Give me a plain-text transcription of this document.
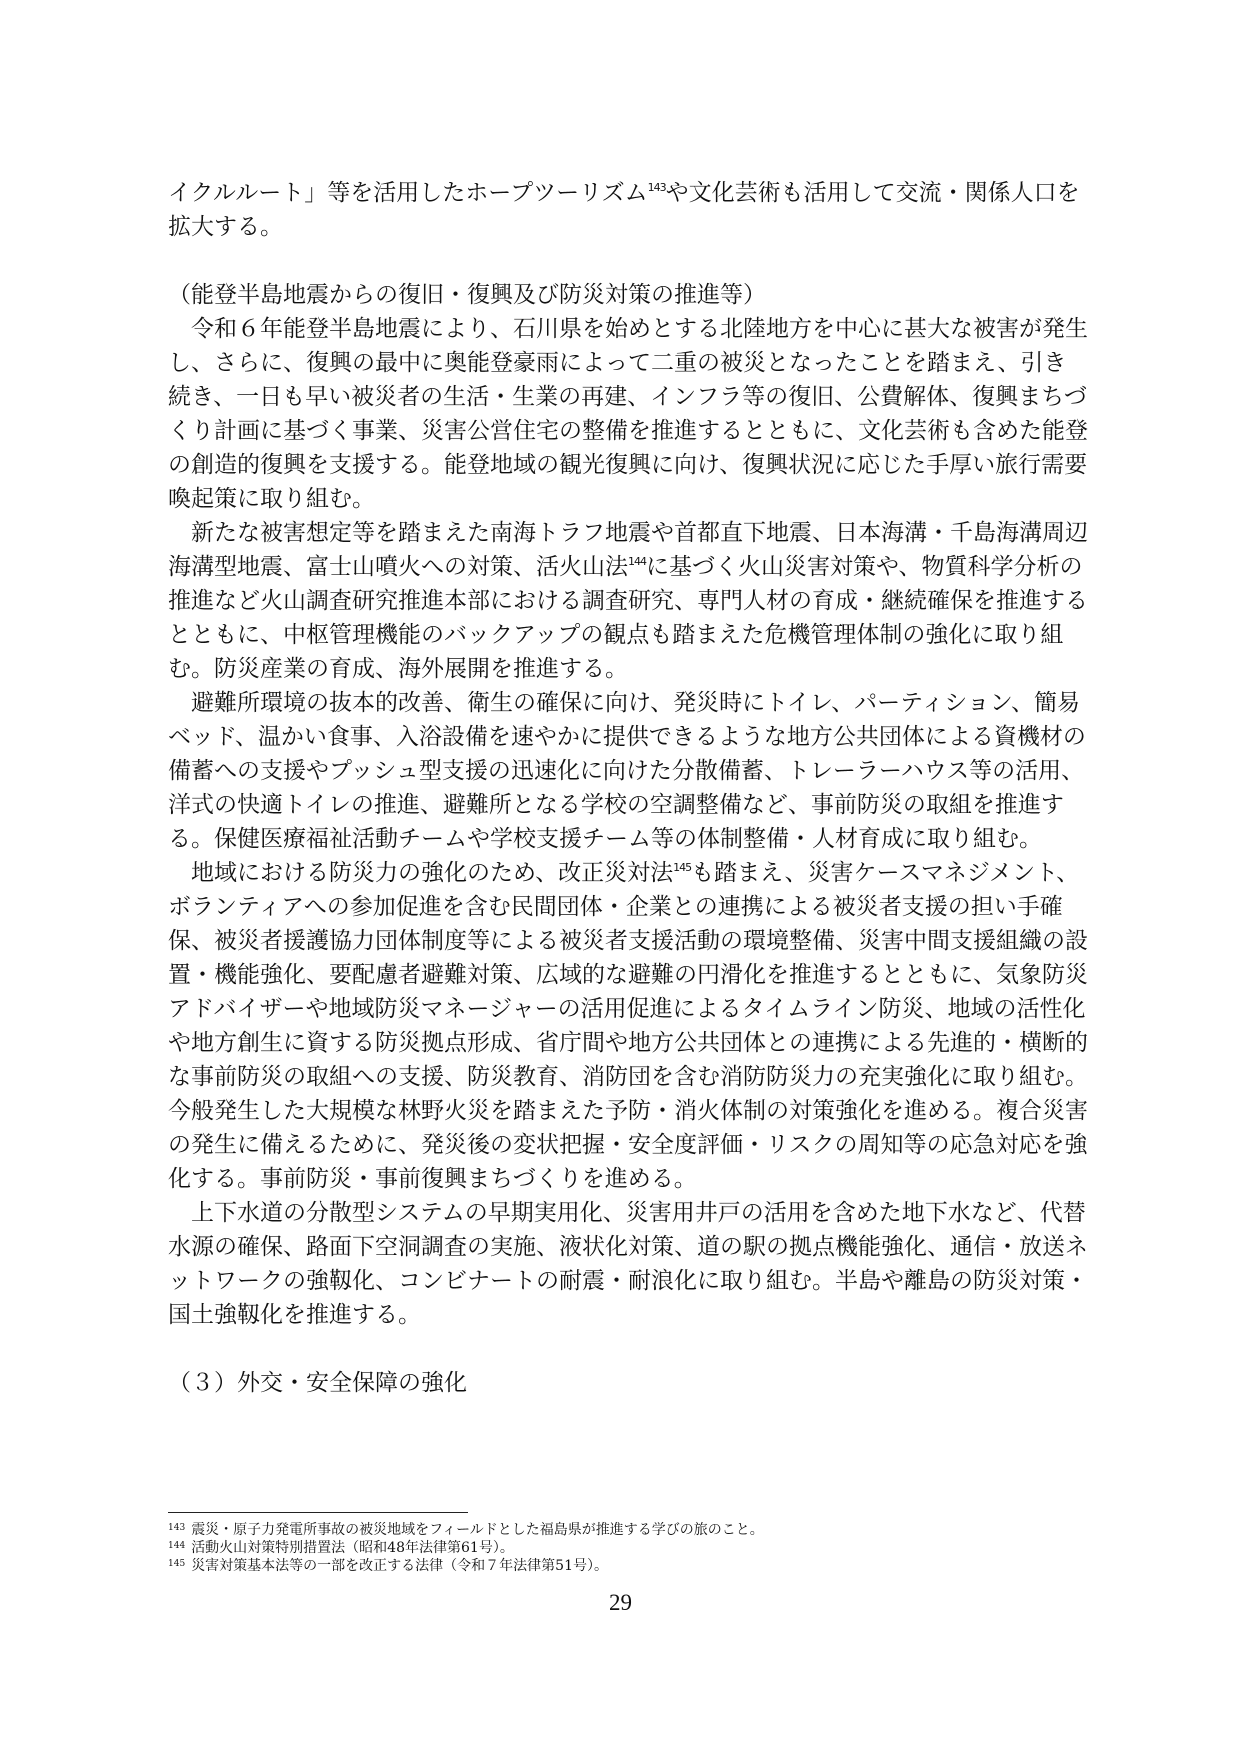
イクルルート」等を活用したホープツーリズム$^{143}$や文化芸術も活用して交流・関係人口を拡大する。

（能登半島地震からの復旧・復興及び防災対策の推進等）

令和６年能登半島地震により、石川県を始めとする北陸地方を中心に甚大な被害が発生し、さらに、復興の最中に奥能登豪雨によって二重の被災となったことを踏まえ、引き続き、一日も早い被災者の生活・生業の再建、インフラ等の復旧、公費解体、復興まちづくり計画に基づく事業、災害公営住宅の整備を推進するとともに、文化芸術も含めた能登の創造的復興を支援する。能登地域の観光復興に向け、復興状況に応じた手厚い旅行需要喚起策に取り組む。

新たな被害想定等を踏まえた南海トラフ地震や首都直下地震、日本海溝・千島海溝周辺海溝型地震、富士山噴火への対策、活火山法$^{144}$に基づく火山災害対策や、物質科学分析の推進など火山調査研究推進本部における調査研究、専門人材の育成・継続確保を推進するとともに、中枢管理機能のバックアップの観点も踏まえた危機管理体制の強化に取り組む。防災産業の育成、海外展開を推進する。

避難所環境の抜本的改善、衛生の確保に向け、発災時にトイレ、パーティション、簡易ベッド、温かい食事、入浴設備を速やかに提供できるような地方公共団体による資機材の備蓄への支援やプッシュ型支援の迅速化に向けた分散備蓄、トレーラーハウス等の活用、洋式の快適トイレの推進、避難所となる学校の空調整備など、事前防災の取組を推進する。保健医療福祉活動チームや学校支援チーム等の体制整備・人材育成に取り組む。

地域における防災力の強化のため、改正災対法$^{145}$も踏まえ、災害ケースマネジメント、ボランティアへの参加促進を含む民間団体・企業との連携による被災者支援の担い手確保、被災者援護協力団体制度等による被災者支援活動の環境整備、災害中間支援組織の設置・機能強化、要配慮者避難対策、広域的な避難の円滑化を推進するとともに、気象防災アドバイザーや地域防災マネージャーの活用促進によるタイムライン防災、地域の活性化や地方創生に資する防災拠点形成、省庁間や地方公共団体との連携による先進的・横断的な事前防災の取組への支援、防災教育、消防団を含む消防防災力の充実強化に取り組む。今般発生した大規模な林野火災を踏まえた予防・消火体制の対策強化を進める。複合災害の発生に備えるために、発災後の変状把握・安全度評価・リスクの周知等の応急対応を強化する。事前防災・事前復興まちづくりを進める。

上下水道の分散型システムの早期実用化、災害用井戸の活用を含めた地下水など、代替水源の確保、路面下空洞調査の実施、液状化対策、道の駅の拠点機能強化、通信・放送ネットワークの強靱化、コンビナートの耐震・耐浪化に取り組む。半島や離島の防災対策・国土強靱化を推進する。

（３）外交・安全保障の強化

$^{143}$ 震災・原子力発電所事故の被災地域をフィールドとした福島県が推進する学びの旅のこと。

$^{144}$ 活動火山対策特別措置法（昭和48年法律第61号）。

$^{145}$ 災害対策基本法等の一部を改正する法律（令和７年法律第51号）。

29
